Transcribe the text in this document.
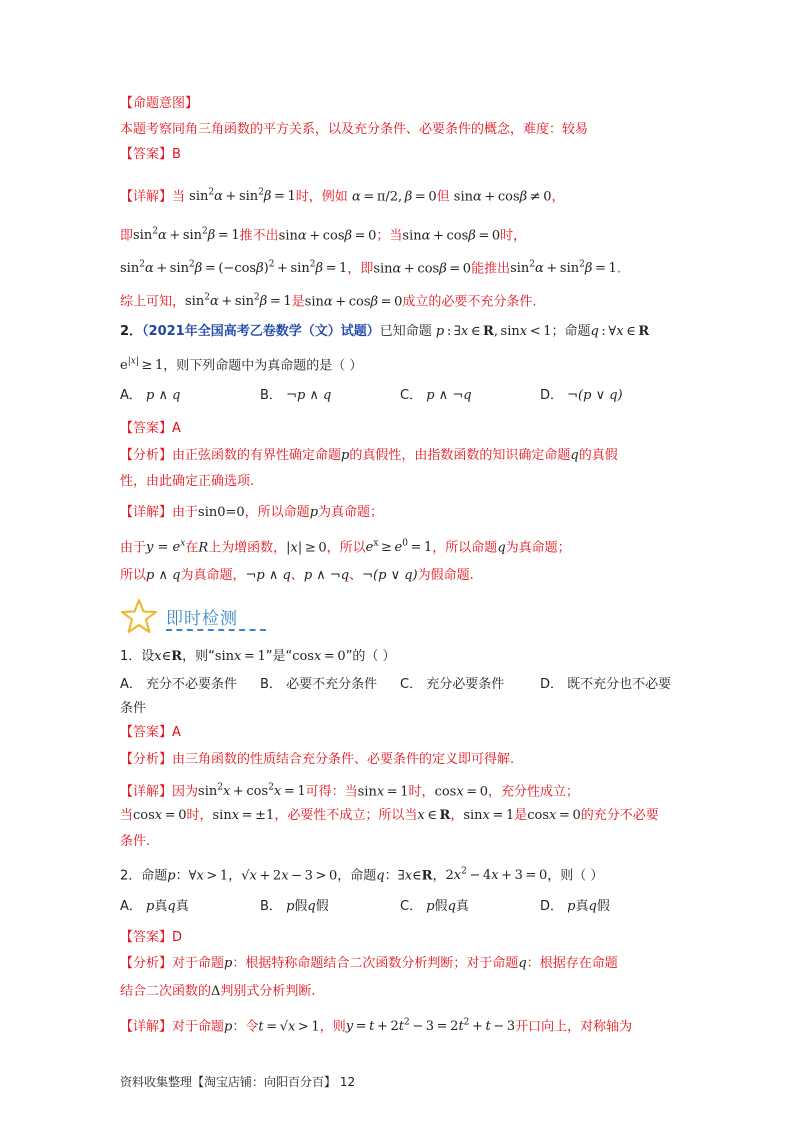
【命题意图】
本题考察同角三角函数的平方关系，以及充分条件、必要条件的概念，难度：较易
【答案】B
【详解】当 $\sin^2\alpha + \sin^2\beta = 1$时，例如 α = π/2, β = 0但 sinα + cosβ ≠ 0，
即$\sin^2\alpha + \sin^2\beta = 1$推不出sinα + cosβ = 0；当sinα + cosβ = 0时，
$\sin^2\alpha + \sin^2\beta = (-\cos\beta)^2 + \sin^2\beta = 1$，即sinα + cosβ = 0能推出$\sin^2\alpha + \sin^2\beta = 1$.
综上可知，$\sin^2\alpha + \sin^2\beta = 1$是sinα + cosβ = 0成立的必要不充分条件.
2．（2021年全国高考乙卷数学（文）试题）已知命题 p : ∃x ∈ R, sinx < 1；命题q : ∀x ∈ R
$e^{|x|} \ge 1$，则下列命题中为真命题的是（ ）
A． p ∧ q	B． ¬p ∧ q	C． p ∧ ¬q	D． ¬(p ∨ q)
【答案】A
【分析】由正弦函数的有界性确定命题p的真假性，由指数函数的知识确定命题q的真假
性，由此确定正确选项.
【详解】由于sin0=0，所以命题p为真命题；
由于$y = e^x$在R上为增函数，|x| ≥ 0，所以$e^x \ge e^0 = 1$，所以命题q为真命题；
所以p ∧ q为真命题，¬p ∧ q、p ∧ ¬q、¬(p ∨ q)为假命题.
即时检测
1．设x∈R，则“sinx = 1”是“cosx = 0”的（ ）
A． 充分不必要条件 B． 必要不充分条件 C． 充分必要条件	D． 既不充分也不必要
条件
【答案】A
【分析】由三角函数的性质结合充分条件、必要条件的定义即可得解.
【详解】因为$\sin^2x + \cos^2x = 1$可得：当sinx = 1时，cosx = 0，充分性成立；
当cosx = 0时，sinx = ±1，必要性不成立；所以当x ∈ R，sinx = 1是cosx = 0的充分不必要
条件.
2．命题p：∀x > 1，√x + 2x − 3 > 0，命题q：∃x∈R，$2x^2 - 4x + 3 = 0$，则（ ）
A． p真q真	B． p假q假	C． p假q真	D． p真q假
【答案】D
【分析】对于命题p：根据特称命题结合二次函数分析判断；对于命题q：根据存在命题
结合二次函数的Δ判别式分析判断.
【详解】对于命题p：令t = √x > 1，则$y = t + 2t^2 - 3 = 2t^2 + t - 3$开口向上，对称轴为
资料收集整理【淘宝店铺：向阳百分百】 12
